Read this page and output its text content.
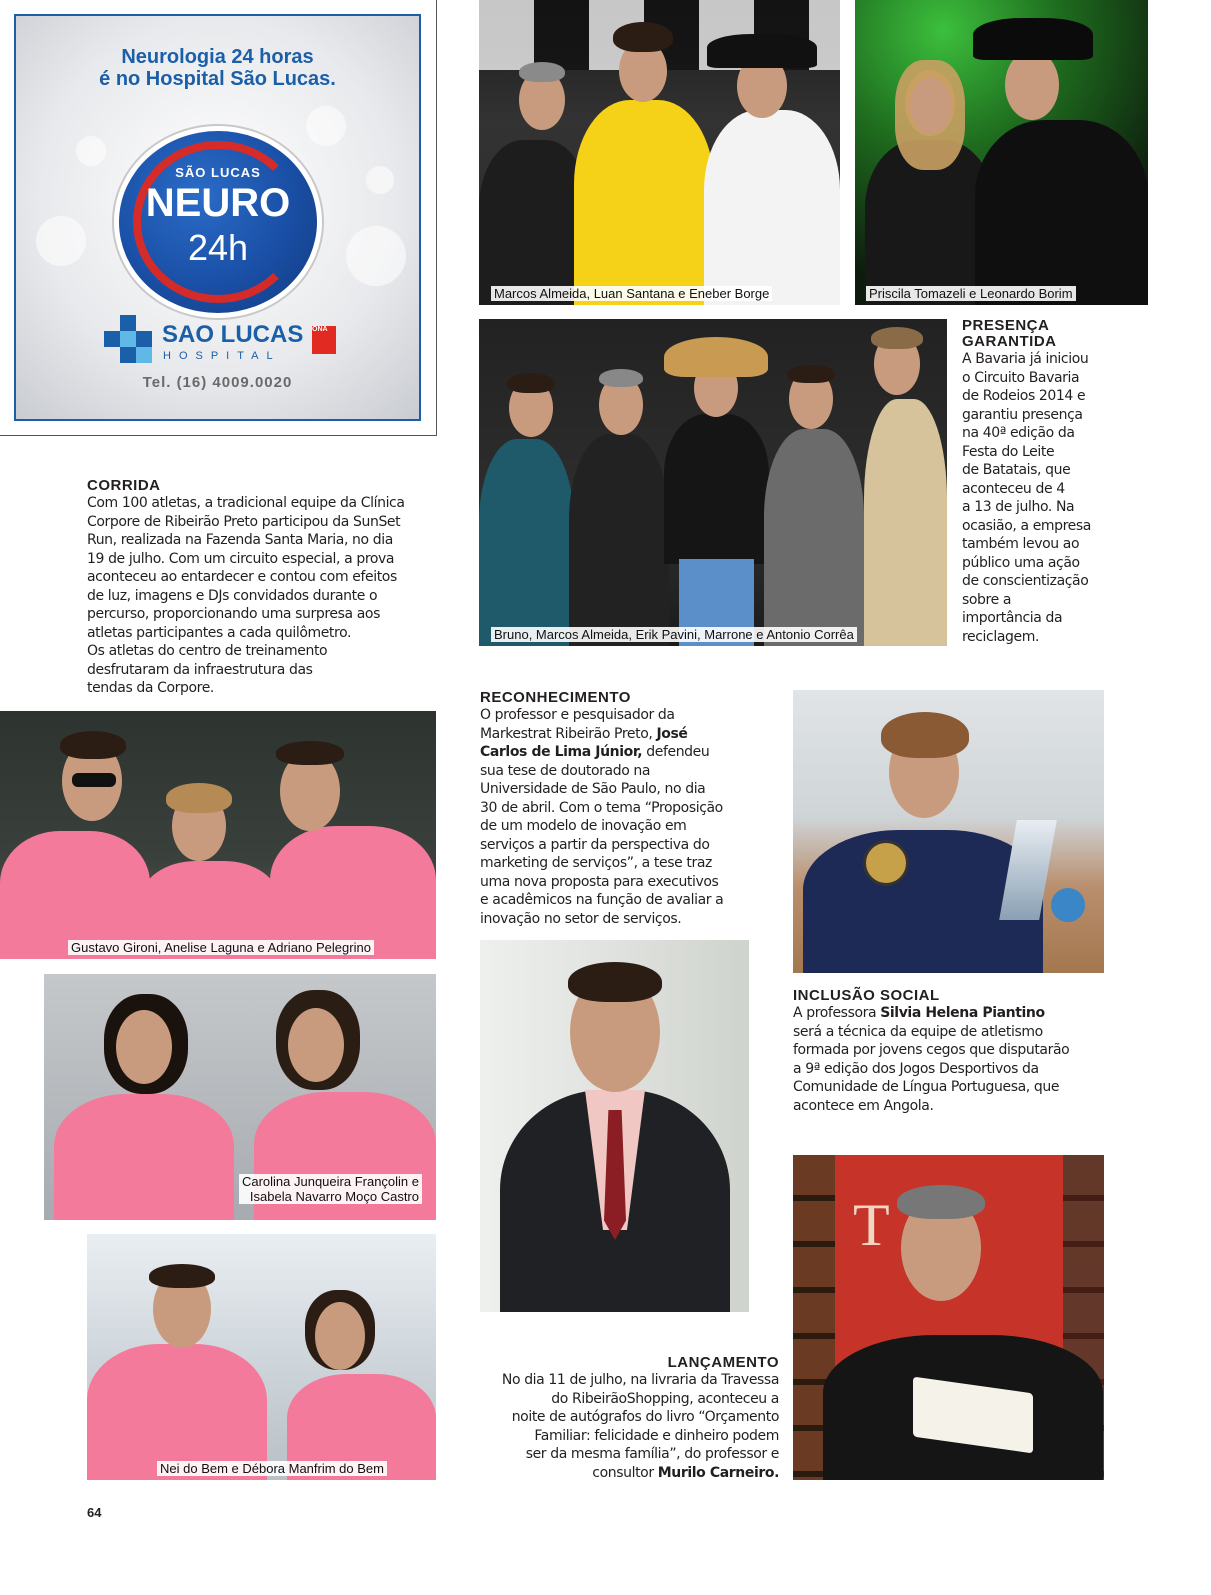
Neurologia 24 horas
é no Hospital São Lucas.
SÃO LUCAS
NEURO
24h
SAO LUCAS
HOSPITAL
ONA
Tel. (16) 4009.0020
Marcos Almeida, Luan Santana e Eneber Borge	Priscila Tomazeli e Leonardo Borim
Bruno, Marcos Almeida, Erik Pavini, Marrone e Antonio Corrêa
PRESENÇA
GARANTIDA
A Bavaria já iniciou
o Circuito Bavaria
de Rodeios 2014 e
garantiu presença
na 40ª edição da
Festa do Leite
de Batatais, que
aconteceu de 4
a 13 de julho. Na
ocasião, a empresa
também levou ao
público uma ação
de conscientização
sobre a
importância da
reciclagem.
CORRIDA
Com 100 atletas, a tradicional equipe da Clínica
Corpore de Ribeirão Preto participou da SunSet
Run, realizada na Fazenda Santa Maria, no dia
19 de julho. Com um circuito especial, a prova
aconteceu ao entardecer e contou com efeitos
de luz, imagens e DJs convidados durante o
percurso, proporcionando uma surpresa aos
atletas participantes a cada quilômetro.
Os atletas do centro de treinamento
desfrutaram da infraestrutura das
tendas da Corpore.
Gustavo Gironi, Anelise Laguna e Adriano Pelegrino
Carolina Junqueira Françolin e
Isabela Navarro Moço Castro
Nei do Bem e Débora Manfrim do Bem
RECONHECIMENTO
O professor e pesquisador da
Markestrat Ribeirão Preto, José
Carlos de Lima Júnior, defendeu
sua tese de doutorado na
Universidade de São Paulo, no dia
30 de abril. Com o tema “Proposição
de um modelo de inovação em
serviços a partir da perspectiva do
marketing de serviços”, a tese traz
uma nova proposta para executivos
e acadêmicos na função de avaliar a
inovação no setor de serviços.
INCLUSÃO SOCIAL
A professora Silvia Helena Piantino
será a técnica da equipe de atletismo
formada por jovens cegos que disputarão
a 9ª edição dos Jogos Desportivos da
Comunidade de Língua Portuguesa, que
acontece em Angola.
T
LANÇAMENTO
No dia 11 de julho, na livraria da Travessa
do RibeirãoShopping, aconteceu a
noite de autógrafos do livro “Orçamento
Familiar: felicidade e dinheiro podem
ser da mesma família”, do professor e
consultor Murilo Carneiro.
64
